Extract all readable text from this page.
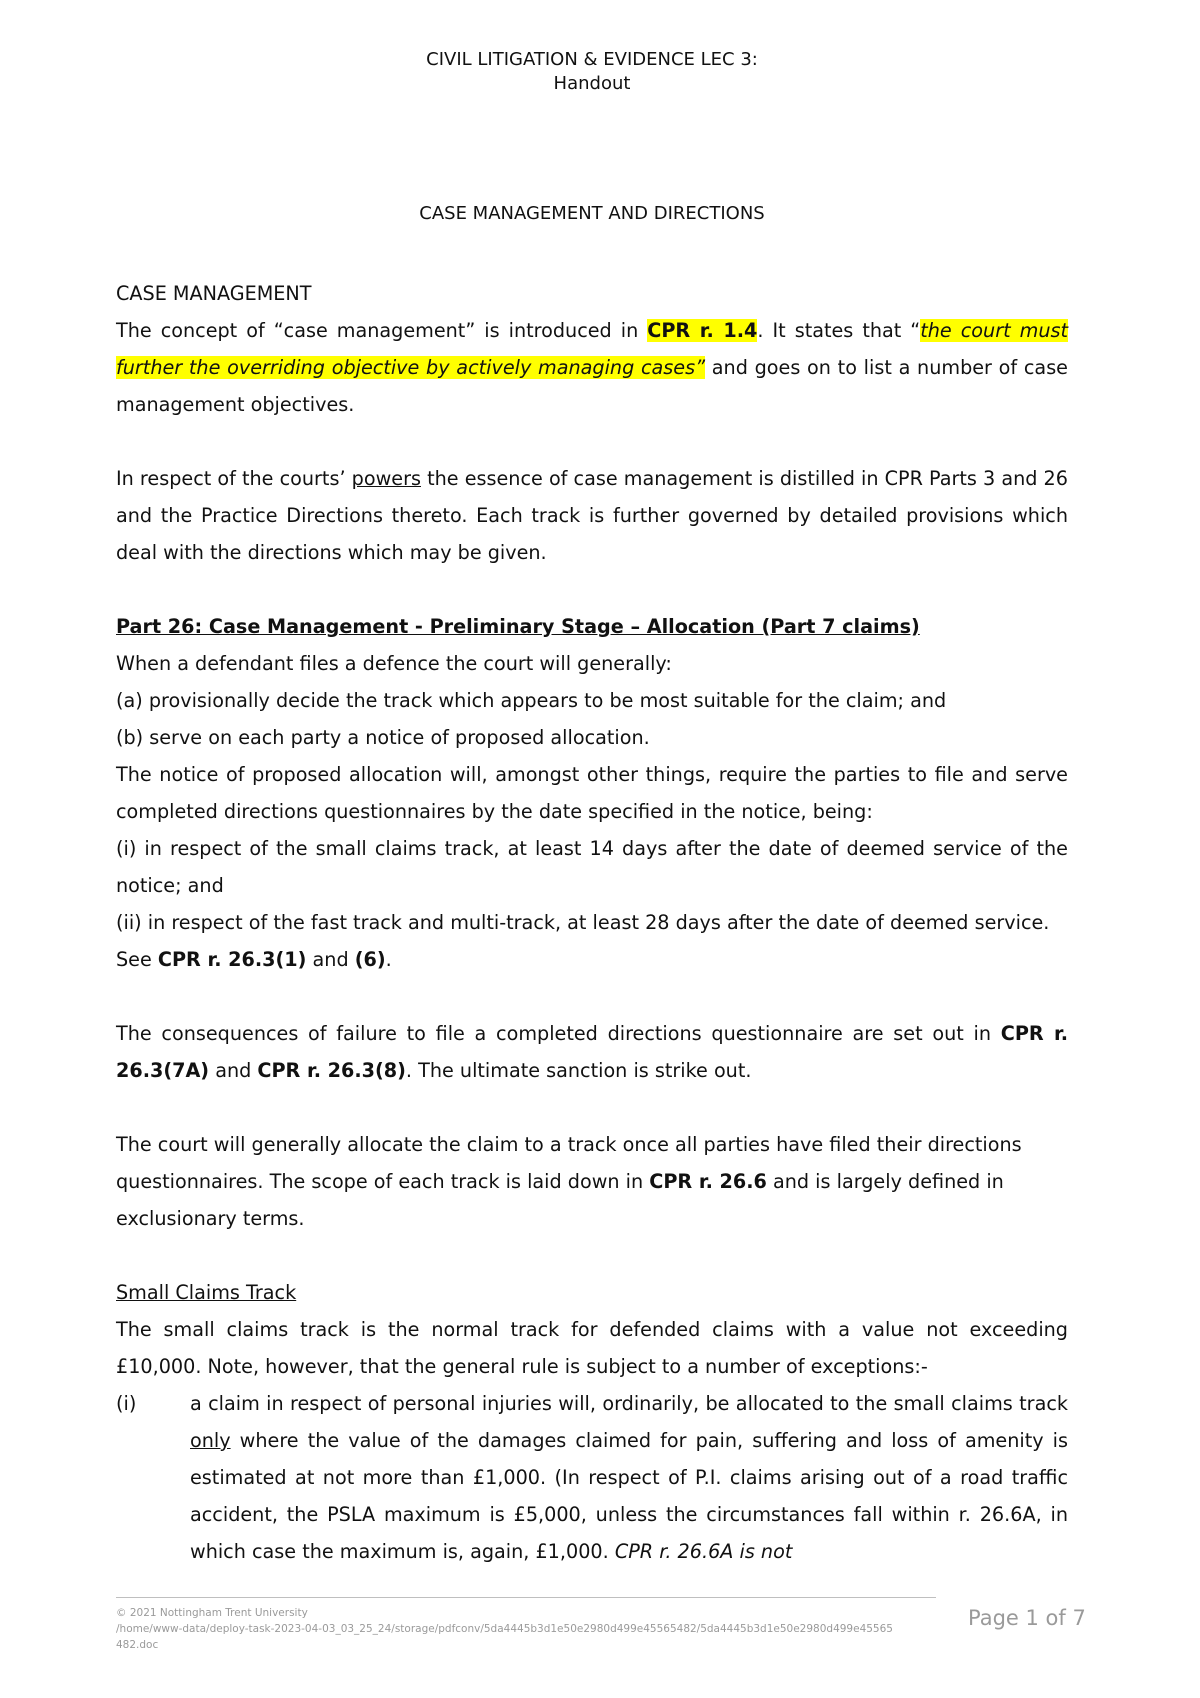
CIVIL LITIGATION & EVIDENCE LEC 3:
Handout
CASE MANAGEMENT AND DIRECTIONS

CASE MANAGEMENT

The concept of “case management” is introduced in CPR r. 1.4. It states that “the court must further the overriding objective by actively managing cases” and goes on to list a number of case management objectives.

In respect of the courts’ powers the essence of case management is distilled in CPR Parts 3 and 26 and the Practice Directions thereto. Each track is further governed by detailed provisions which deal with the directions which may be given.

Part 26: Case Management - Preliminary Stage – Allocation (Part 7 claims)

When a defendant files a defence the court will generally:

(a) provisionally decide the track which appears to be most suitable for the claim; and

(b) serve on each party a notice of proposed allocation.

The notice of proposed allocation will, amongst other things, require the parties to file and serve completed directions questionnaires by the date specified in the notice, being:

(i) in respect of the small claims track, at least 14 days after the date of deemed service of the notice; and

(ii) in respect of the fast track and multi-track, at least 28 days after the date of deemed service.

See CPR r. 26.3(1) and (6).

The consequences of failure to file a completed directions questionnaire are set out in CPR r. 26.3(7A) and CPR r. 26.3(8). The ultimate sanction is strike out.

The court will generally allocate the claim to a track once all parties have filed their directions questionnaires. The scope of each track is laid down in CPR r. 26.6 and is largely defined in exclusionary terms.

Small Claims Track

The small claims track is the normal track for defended claims with a value not exceeding £10,000. Note, however, that the general rule is subject to a number of exceptions:-

(i)	a claim in respect of personal injuries will, ordinarily, be allocated to the small claims track only where the value of the damages claimed for pain, suffering and loss of amenity is estimated at not more than £1,000. (In respect of P.I. claims arising out of a road traffic accident, the PSLA maximum is £5,000, unless the circumstances fall within r. 26.6A, in which case the maximum is, again, £1,000. CPR r. 26.6A is not
© 2021 Nottingham Trent University
/home/www-data/deploy-task-2023-04-03_03_25_24/storage/pdfconv/5da4445b3d1e50e2980d499e45565482/5da4445b3d1e50e2980d499e45565482.doc
Page 1 of 7
